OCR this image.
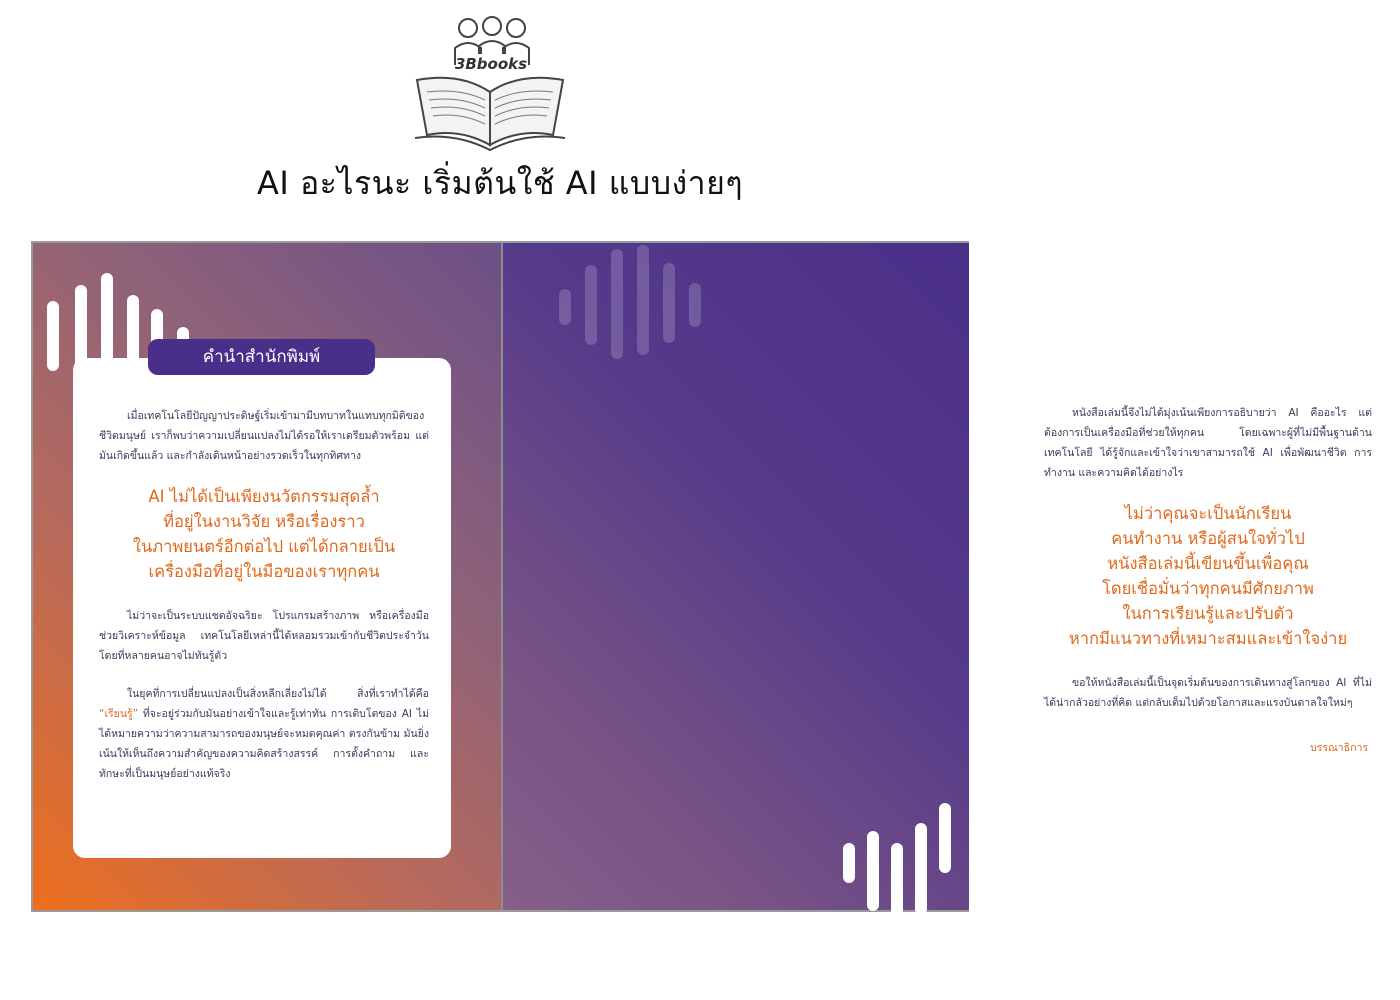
3Bbooks
AI อะไรนะ เริ่มต้นใช้ AI แบบง่ายๆ

เมื่อเทคโนโลยีปัญญาประดิษฐ์เริ่มเข้ามามีบทบาทในแทบทุกมิติของชีวิตมนุษย์ เราก็พบว่าความเปลี่ยนแปลงไม่ได้รอให้เราเตรียมตัวพร้อม แต่มันเกิดขึ้นแล้ว และกำลังเดินหน้าอย่างรวดเร็วในทุกทิศทาง

AI ไม่ได้เป็นเพียงนวัตกรรมสุดล้ำ
ที่อยู่ในงานวิจัย หรือเรื่องราว
ในภาพยนตร์อีกต่อไป แต่ได้กลายเป็น
เครื่องมือที่อยู่ในมือของเราทุกคน

ไม่ว่าจะเป็นระบบแชตอัจฉริยะ โปรแกรมสร้างภาพ หรือเครื่องมือช่วยวิเคราะห์ข้อมูล เทคโนโลยีเหล่านี้ได้หลอมรวมเข้ากับชีวิตประจำวันโดยที่หลายคนอาจไม่ทันรู้ตัว

ในยุคที่การเปลี่ยนแปลงเป็นสิ่งหลีกเลี่ยงไม่ได้ สิ่งที่เราทำได้คือ “เรียนรู้” ที่จะอยู่ร่วมกับมันอย่างเข้าใจและรู้เท่าทัน การเติบโตของ AI ไม่ได้หมายความว่าความสามารถของมนุษย์จะหมดคุณค่า ตรงกันข้าม มันยิ่งเน้นให้เห็นถึงความสำคัญของความคิดสร้างสรรค์ การตั้งคำถาม และทักษะที่เป็นมนุษย์อย่างแท้จริง

คำนำสำนักพิมพ์

หนังสือเล่มนี้จึงไม่ได้มุ่งเน้นเพียงการอธิบายว่า AI คืออะไร แต่ต้องการเป็นเครื่องมือที่ช่วยให้ทุกคน โดยเฉพาะผู้ที่ไม่มีพื้นฐานด้านเทคโนโลยี ได้รู้จักและเข้าใจว่าเขาสามารถใช้ AI เพื่อพัฒนาชีวิต การทำงาน และความคิดได้อย่างไร

ไม่ว่าคุณจะเป็นนักเรียน
คนทำงาน หรือผู้สนใจทั่วไป
หนังสือเล่มนี้เขียนขึ้นเพื่อคุณ
โดยเชื่อมั่นว่าทุกคนมีศักยภาพ
ในการเรียนรู้และปรับตัว
หากมีแนวทางที่เหมาะสมและเข้าใจง่าย

ขอให้หนังสือเล่มนี้เป็นจุดเริ่มต้นของการเดินทางสู่โลกของ AI ที่ไม่ได้น่ากลัวอย่างที่คิด แต่กลับเต็มไปด้วยโอกาสและแรงบันดาลใจใหม่ๆ

บรรณาธิการ
